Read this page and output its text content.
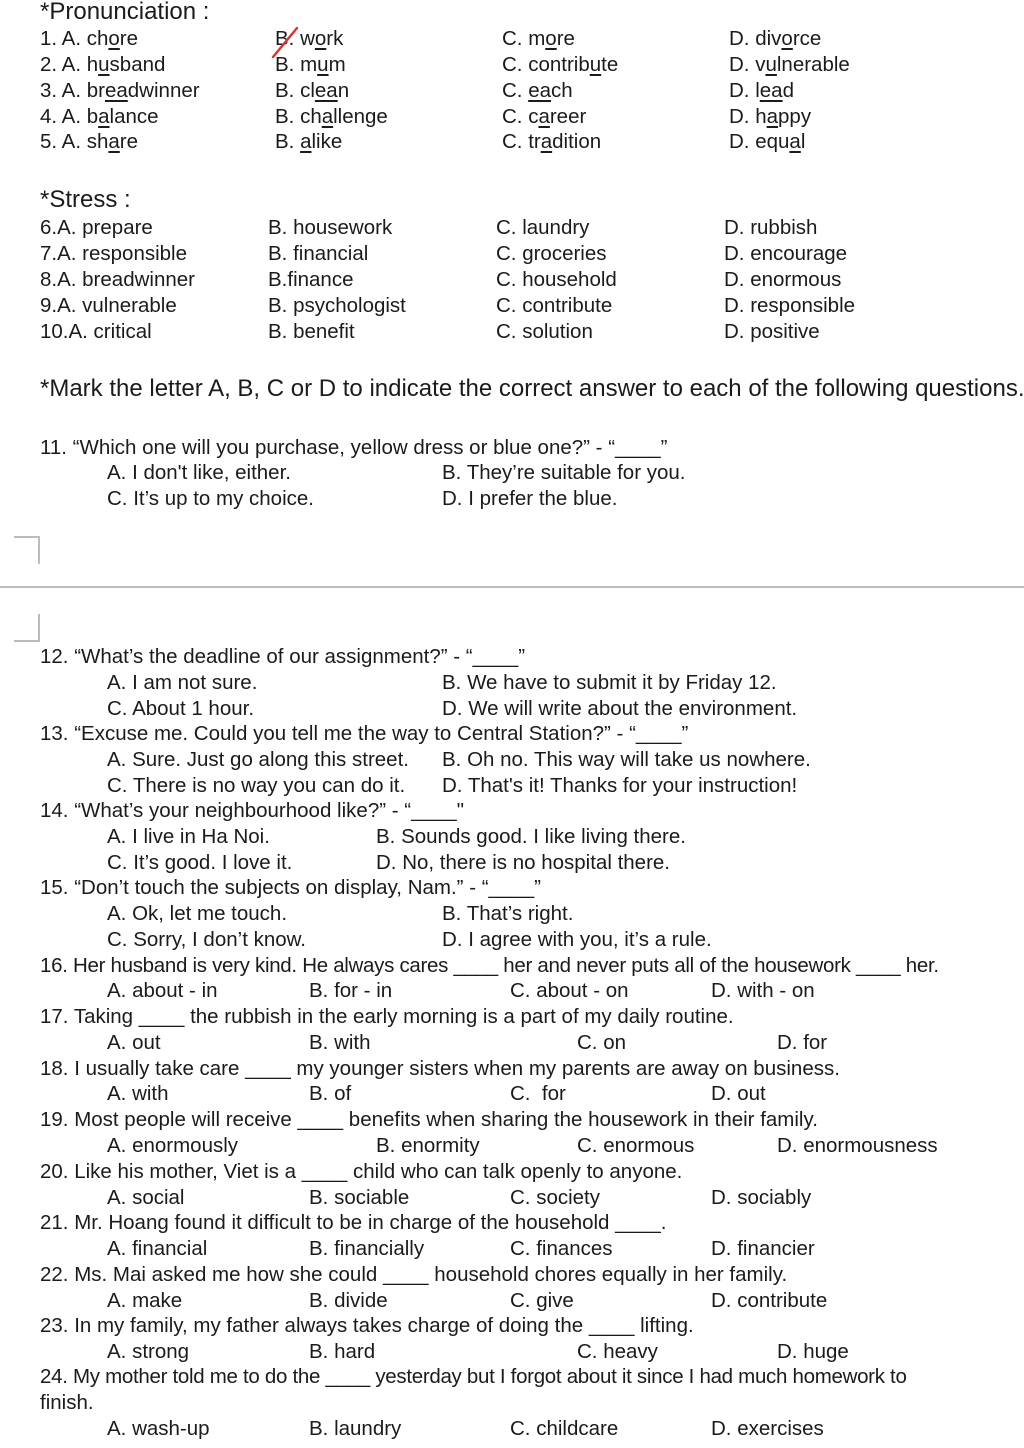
*Pronunciation :
1. A. chore	B. work	C. more	D. divorce
2. A. husband	B. mum	C. contribute	D. vulnerable
3. A. breadwinner	B. clean	C. each	D. lead
4. A. balance	B. challenge	C. career	D. happy
5. A. share	B. alike	C. tradition	D. equal
*Stress :
6.A. prepare	B. housework	C. laundry	D. rubbish
7.A. responsible	B. financial	C. groceries	D. encourage
8.A. breadwinner	B.finance	C. household	D. enormous
9.A. vulnerable	B. psychologist	C. contribute	D. responsible
10.A. critical	B. benefit	C. solution	D. positive
*Mark the letter A, B, C or D to indicate the correct answer to each of the following questions.
11. “Which one will you purchase, yellow dress or blue one?” - “____”
A. I don't like, either.	B. They’re suitable for you.
C. It’s up to my choice.	D. I prefer the blue.
12. “What’s the deadline of our assignment?” - “____”
A. I am not sure.	B. We have to submit it by Friday 12.
C. About 1 hour.	D. We will write about the environment.
13. “Excuse me. Could you tell me the way to Central Station?” - “____”
A. Sure. Just go along this street. B. Oh no. This way will take us nowhere.
C. There is no way you can do it. D. That's it! Thanks for your instruction!
14. “What’s your neighbourhood like?” - “____"
A. I live in Ha Noi.	B. Sounds good. I like living there.
C. It’s good. I love it.	D. No, there is no hospital there.
15. “Don’t touch the subjects on display, Nam.” - “____”
A. Ok, let me touch.	B. That’s right.
C. Sorry, I don’t know.	D. I agree with you, it’s a rule.
16. Her husband is very kind. He always cares ____ her and never puts all of the housework ____ her.
A. about - in	B. for - in	C. about - on	D. with - on
17. Taking ____ the rubbish in the early morning is a part of my daily routine.
A. out	B. with	C. on	D. for
18. I usually take care ____ my younger sisters when my parents are away on business.
A. with	B. of	C.  for	D. out
19. Most people will receive ____ benefits when sharing the housework in their family.
A. enormously	B. enormity	C. enormous	D. enormousness
20. Like his mother, Viet is a ____ child who can talk openly to anyone.
A. social	B. sociable	C. society	D. sociably
21. Mr. Hoang found it difficult to be in charge of the household ____.
A. financial	B. financially	C. finances	D. financier
22. Ms. Mai asked me how she could ____ household chores equally in her family.
A. make	B. divide	C. give	D. contribute
23. In my family, my father always takes charge of doing the ____ lifting.
A. strong	B. hard	C. heavy	D. huge
24. My mother told me to do the ____ yesterday but I forgot about it since I had much homework to
finish.
A. wash-up	B. laundry	C. childcare	D. exercises
